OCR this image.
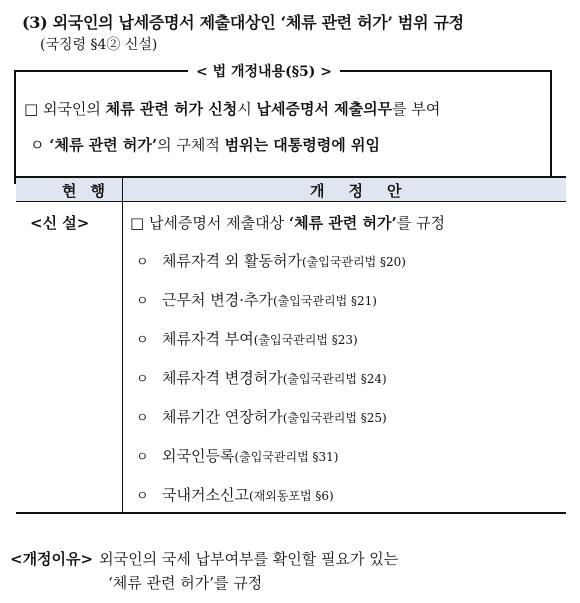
(3) 외국인의 납세증명서 제출대상인 ‘체류 관련 허가’ 범위 규정
(국징령 §4② 신설)
< 법 개정내용(§5) >
□ 외국인의 체류 관련 허가 신청시 납세증명서 제출의무를 부여
ㅇ ‘체류 관련 허가’의 구체적 범위는 대통령령에 위임
현행	개정안
<신 설>	□ 납세증명서 제출대상 ‘체류 관련 허가’를 규정
ㅇ 체류자격 외 활동허가(출입국관리법 §20)
ㅇ 근무처 변경·추가(출입국관리법 §21)
ㅇ 체류자격 부여(출입국관리법 §23)
ㅇ 체류자격 변경허가(출입국관리법 §24)
ㅇ 체류기간 연장허가(출입국관리법 §25)
ㅇ 외국인등록(출입국관리법 §31)
ㅇ 국내거소신고(재외동포법 §6)
<개정이유> 외국인의 국세 납부여부를 확인할 필요가 있는
‘체류 관련 허가’를 규정
